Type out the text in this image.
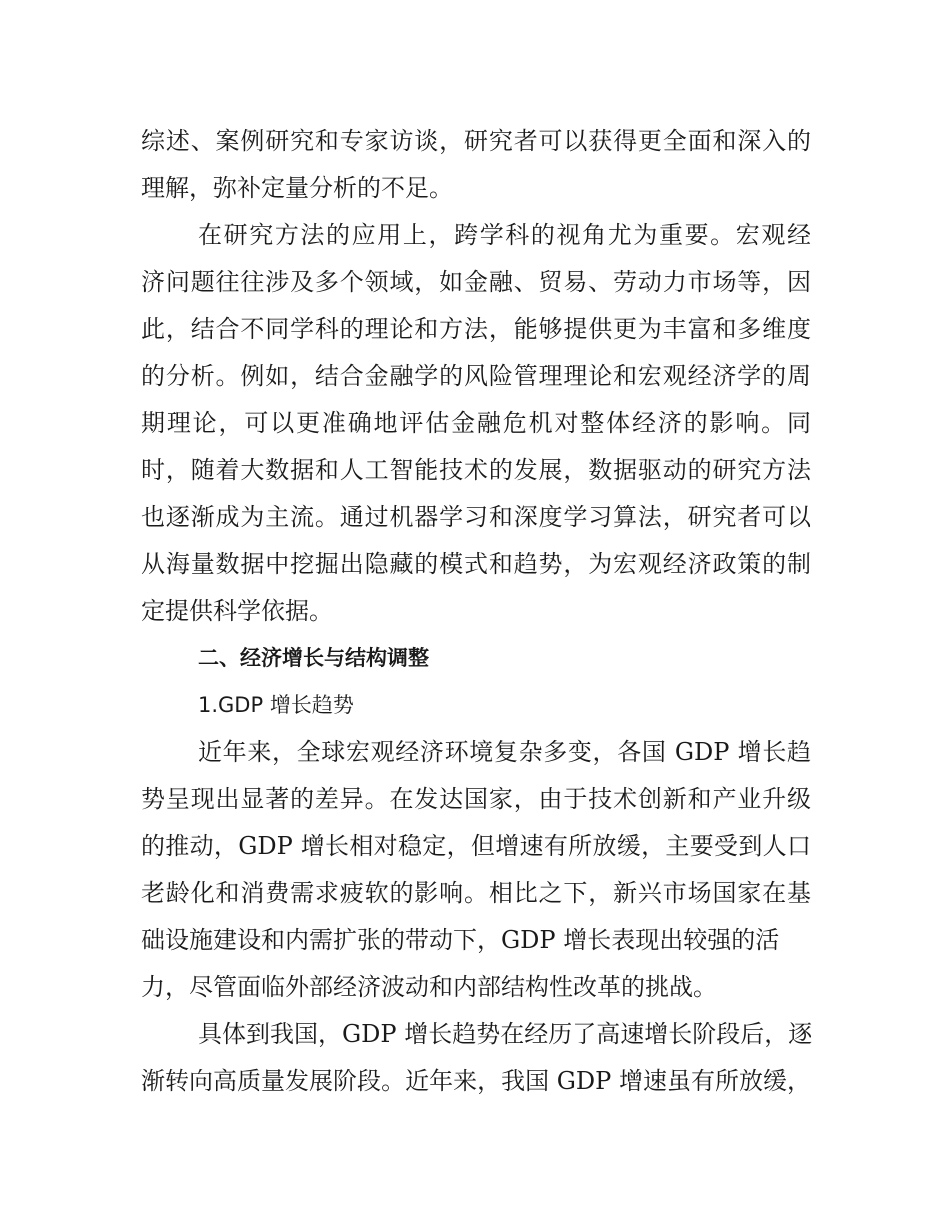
综述、案例研究和专家访谈，研究者可以获得更全面和深入的
理解，弥补定量分析的不足。
在研究方法的应用上，跨学科的视角尤为重要。宏观经
济问题往往涉及多个领域，如金融、贸易、劳动力市场等，因
此，结合不同学科的理论和方法，能够提供更为丰富和多维度
的分析。例如，结合金融学的风险管理理论和宏观经济学的周
期理论，可以更准确地评估金融危机对整体经济的影响。同
时，随着大数据和人工智能技术的发展，数据驱动的研究方法
也逐渐成为主流。通过机器学习和深度学习算法，研究者可以
从海量数据中挖掘出隐藏的模式和趋势，为宏观经济政策的制
定提供科学依据。
二、经济增长与结构调整
1.GDP 增长趋势
近年来，全球宏观经济环境复杂多变，各国 GDP 增长趋
势呈现出显著的差异。在发达国家，由于技术创新和产业升级
的推动，GDP 增长相对稳定，但增速有所放缓，主要受到人口
老龄化和消费需求疲软的影响。相比之下，新兴市场国家在基
础设施建设和内需扩张的带动下，GDP 增长表现出较强的活
力，尽管面临外部经济波动和内部结构性改革的挑战。
具体到我国，GDP 增长趋势在经历了高速增长阶段后，逐
渐转向高质量发展阶段。近年来，我国 GDP 增速虽有所放缓，
